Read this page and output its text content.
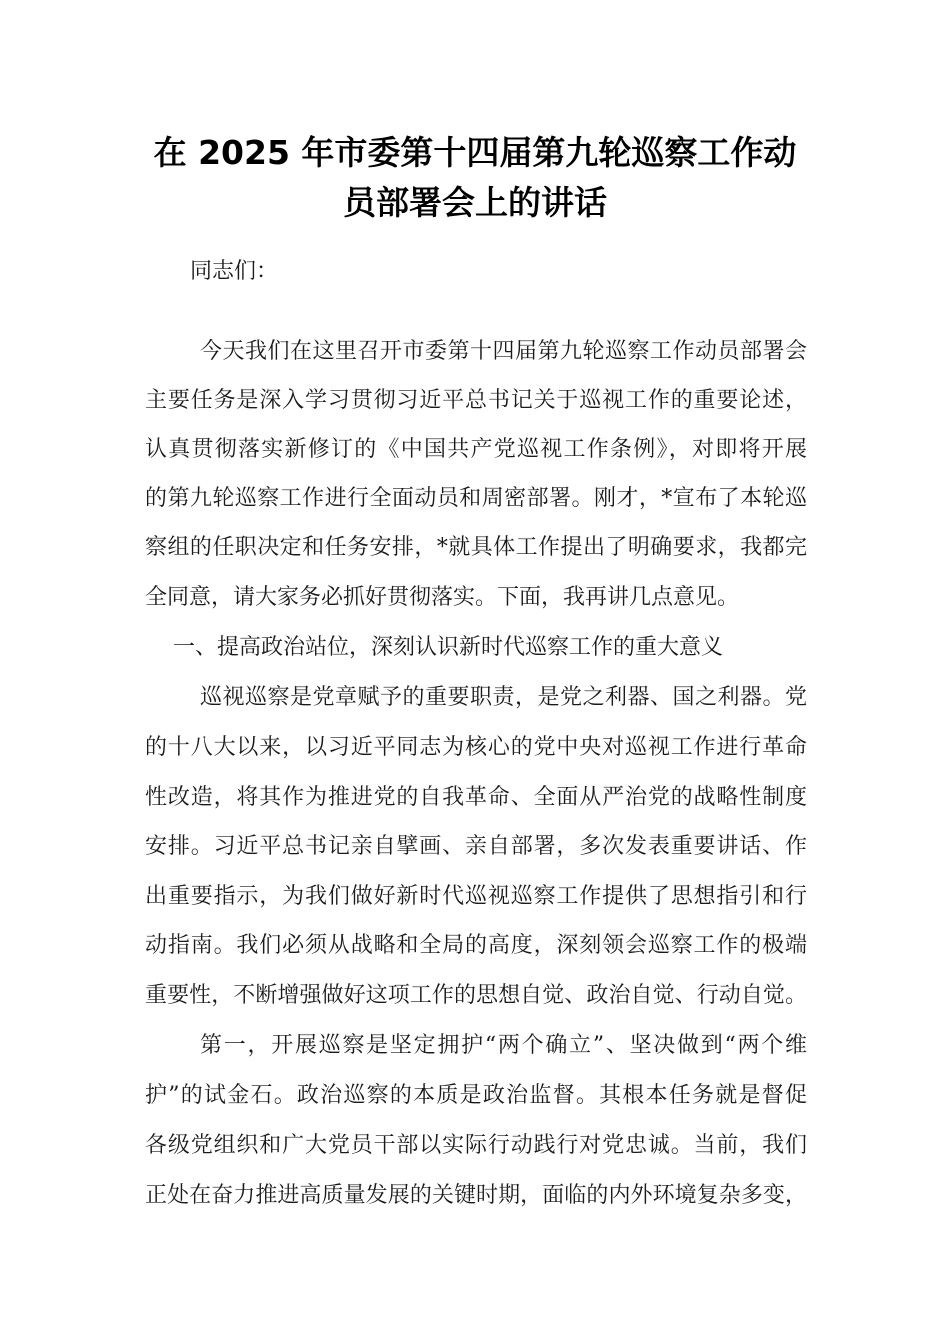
在 2025 年市委第十四届第九轮巡察工作动
员部署会上的讲话
同志们：
今天我们在这里召开市委第十四届第九轮巡察工作动员部署会
主要任务是深入学习贯彻习近平总书记关于巡视工作的重要论述，
认真贯彻落实新修订的《中国共产党巡视工作条例》，对即将开展
的第九轮巡察工作进行全面动员和周密部署。刚才，*宣布了本轮巡
察组的任职决定和任务安排，*就具体工作提出了明确要求，我都完
全同意，请大家务必抓好贯彻落实。下面，我再讲几点意见。
一、提高政治站位，深刻认识新时代巡察工作的重大意义
巡视巡察是党章赋予的重要职责，是党之利器、国之利器。党
的十八大以来，以习近平同志为核心的党中央对巡视工作进行革命
性改造，将其作为推进党的自我革命、全面从严治党的战略性制度
安排。习近平总书记亲自擘画、亲自部署，多次发表重要讲话、作
出重要指示，为我们做好新时代巡视巡察工作提供了思想指引和行
动指南。我们必须从战略和全局的高度，深刻领会巡察工作的极端
重要性，不断增强做好这项工作的思想自觉、政治自觉、行动自觉。
第一，开展巡察是坚定拥护“两个确立”、坚决做到“两个维
护”的试金石。政治巡察的本质是政治监督。其根本任务就是督促
各级党组织和广大党员干部以实际行动践行对党忠诚。当前，我们
正处在奋力推进高质量发展的关键时期，面临的内外环境复杂多变，
